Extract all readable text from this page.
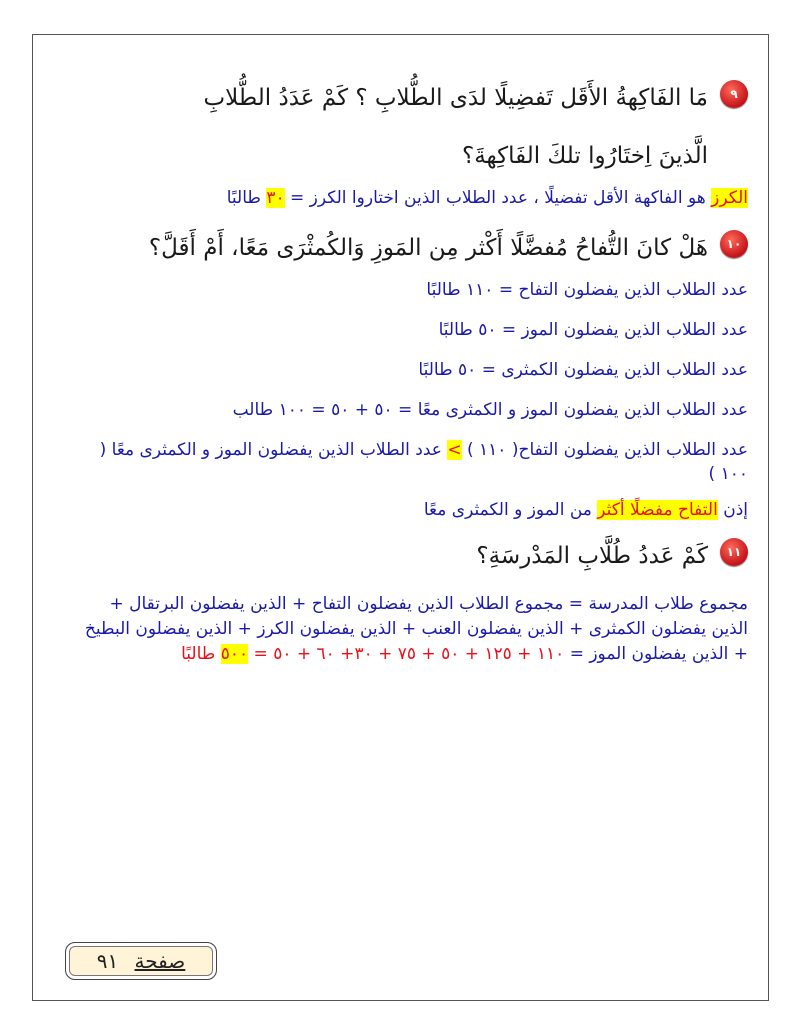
٩
مَا الفَاكِهةُ الأَقَل تَفضِيلًا لدَى الطُّلابِ ؟ كَمْ عَدَدُ الطُّلابِ
الَّذينَ اِختَارُوا تلكَ الفَاكِهةَ؟

الكرز هو الفاكهة الأقل تفضيلًا ، عدد الطلاب الذين اختاروا الكرز = ٣٠ طالبًا

١٠
هَلْ كانَ التُّفاحُ مُفضَّلًا أَكْثر مِن المَوزِ وَالكُمثْرَى مَعًا، أَمْ أَقَلَّ؟

عدد الطلاب الذين يفضلون التفاح = ١١٠ طالبًا

عدد الطلاب الذين يفضلون الموز = ٥٠ طالبًا

عدد الطلاب الذين يفضلون الكمثرى = ٥٠ طالبًا

عدد الطلاب الذين يفضلون الموز و الكمثرى معًا = ٥٠ + ٥٠ = ١٠٠ طالب

عدد الطلاب الذين يفضلون التفاح( ١١٠ ) > عدد الطلاب الذين يفضلون الموز و الكمثرى معًا ( ١٠٠ )

إذن التفاح مفضلًا أكثر من الموز و الكمثرى معًا

١١
كَمْ عَددُ طُلَّابِ المَدْرسَةِ؟
مجموع طلاب المدرسة = مجموع الطلاب الذين يفضلون التفاح + الذين يفضلون البرتقال + الذين يفضلون الكمثرى + الذين يفضلون العنب + الذين يفضلون الكرز + الذين يفضلون البطيخ + الذين يفضلون الموز = ١١٠ + ١٢٥ + ٥٠ + ٧٥ + ٣٠+ ٦٠ + ٥٠ = ٥٠٠ طالبًا
صفحة ٩١
